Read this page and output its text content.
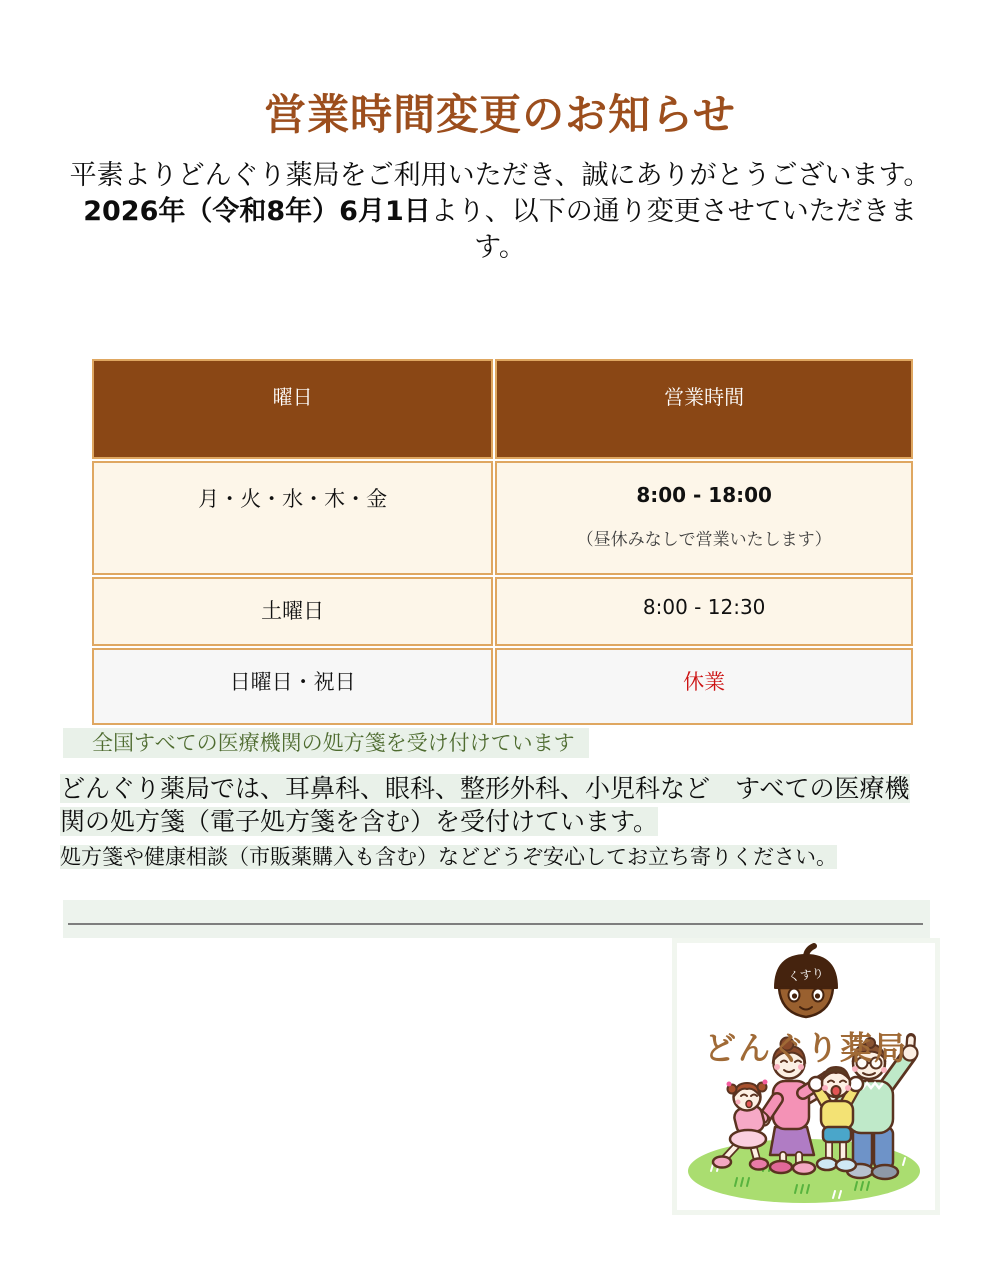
営業時間変更のお知らせ
平素よりどんぐり薬局をご利用いただき、誠にありがとうございます。
2026年（令和8年）6月1日より、以下の通り変更させていただきます。
曜日	営業時間
月・火・水・木・金	8:00 - 18:00
（昼休みなしで営業いたします）

土曜日	8:00 - 12:30
日曜日・祝日	休業
全国すべての医療機関の処方箋を受け付けています

どんぐり薬局では、耳鼻科、眼科、整形外科、小児科など　すべての医療機関の処方箋（電子処方箋を含む）を受付けています。

処方箋や健康相談（市販薬購入も含む）などどうぞ安心してお立ち寄りください。

くすり
どんぐり薬局
